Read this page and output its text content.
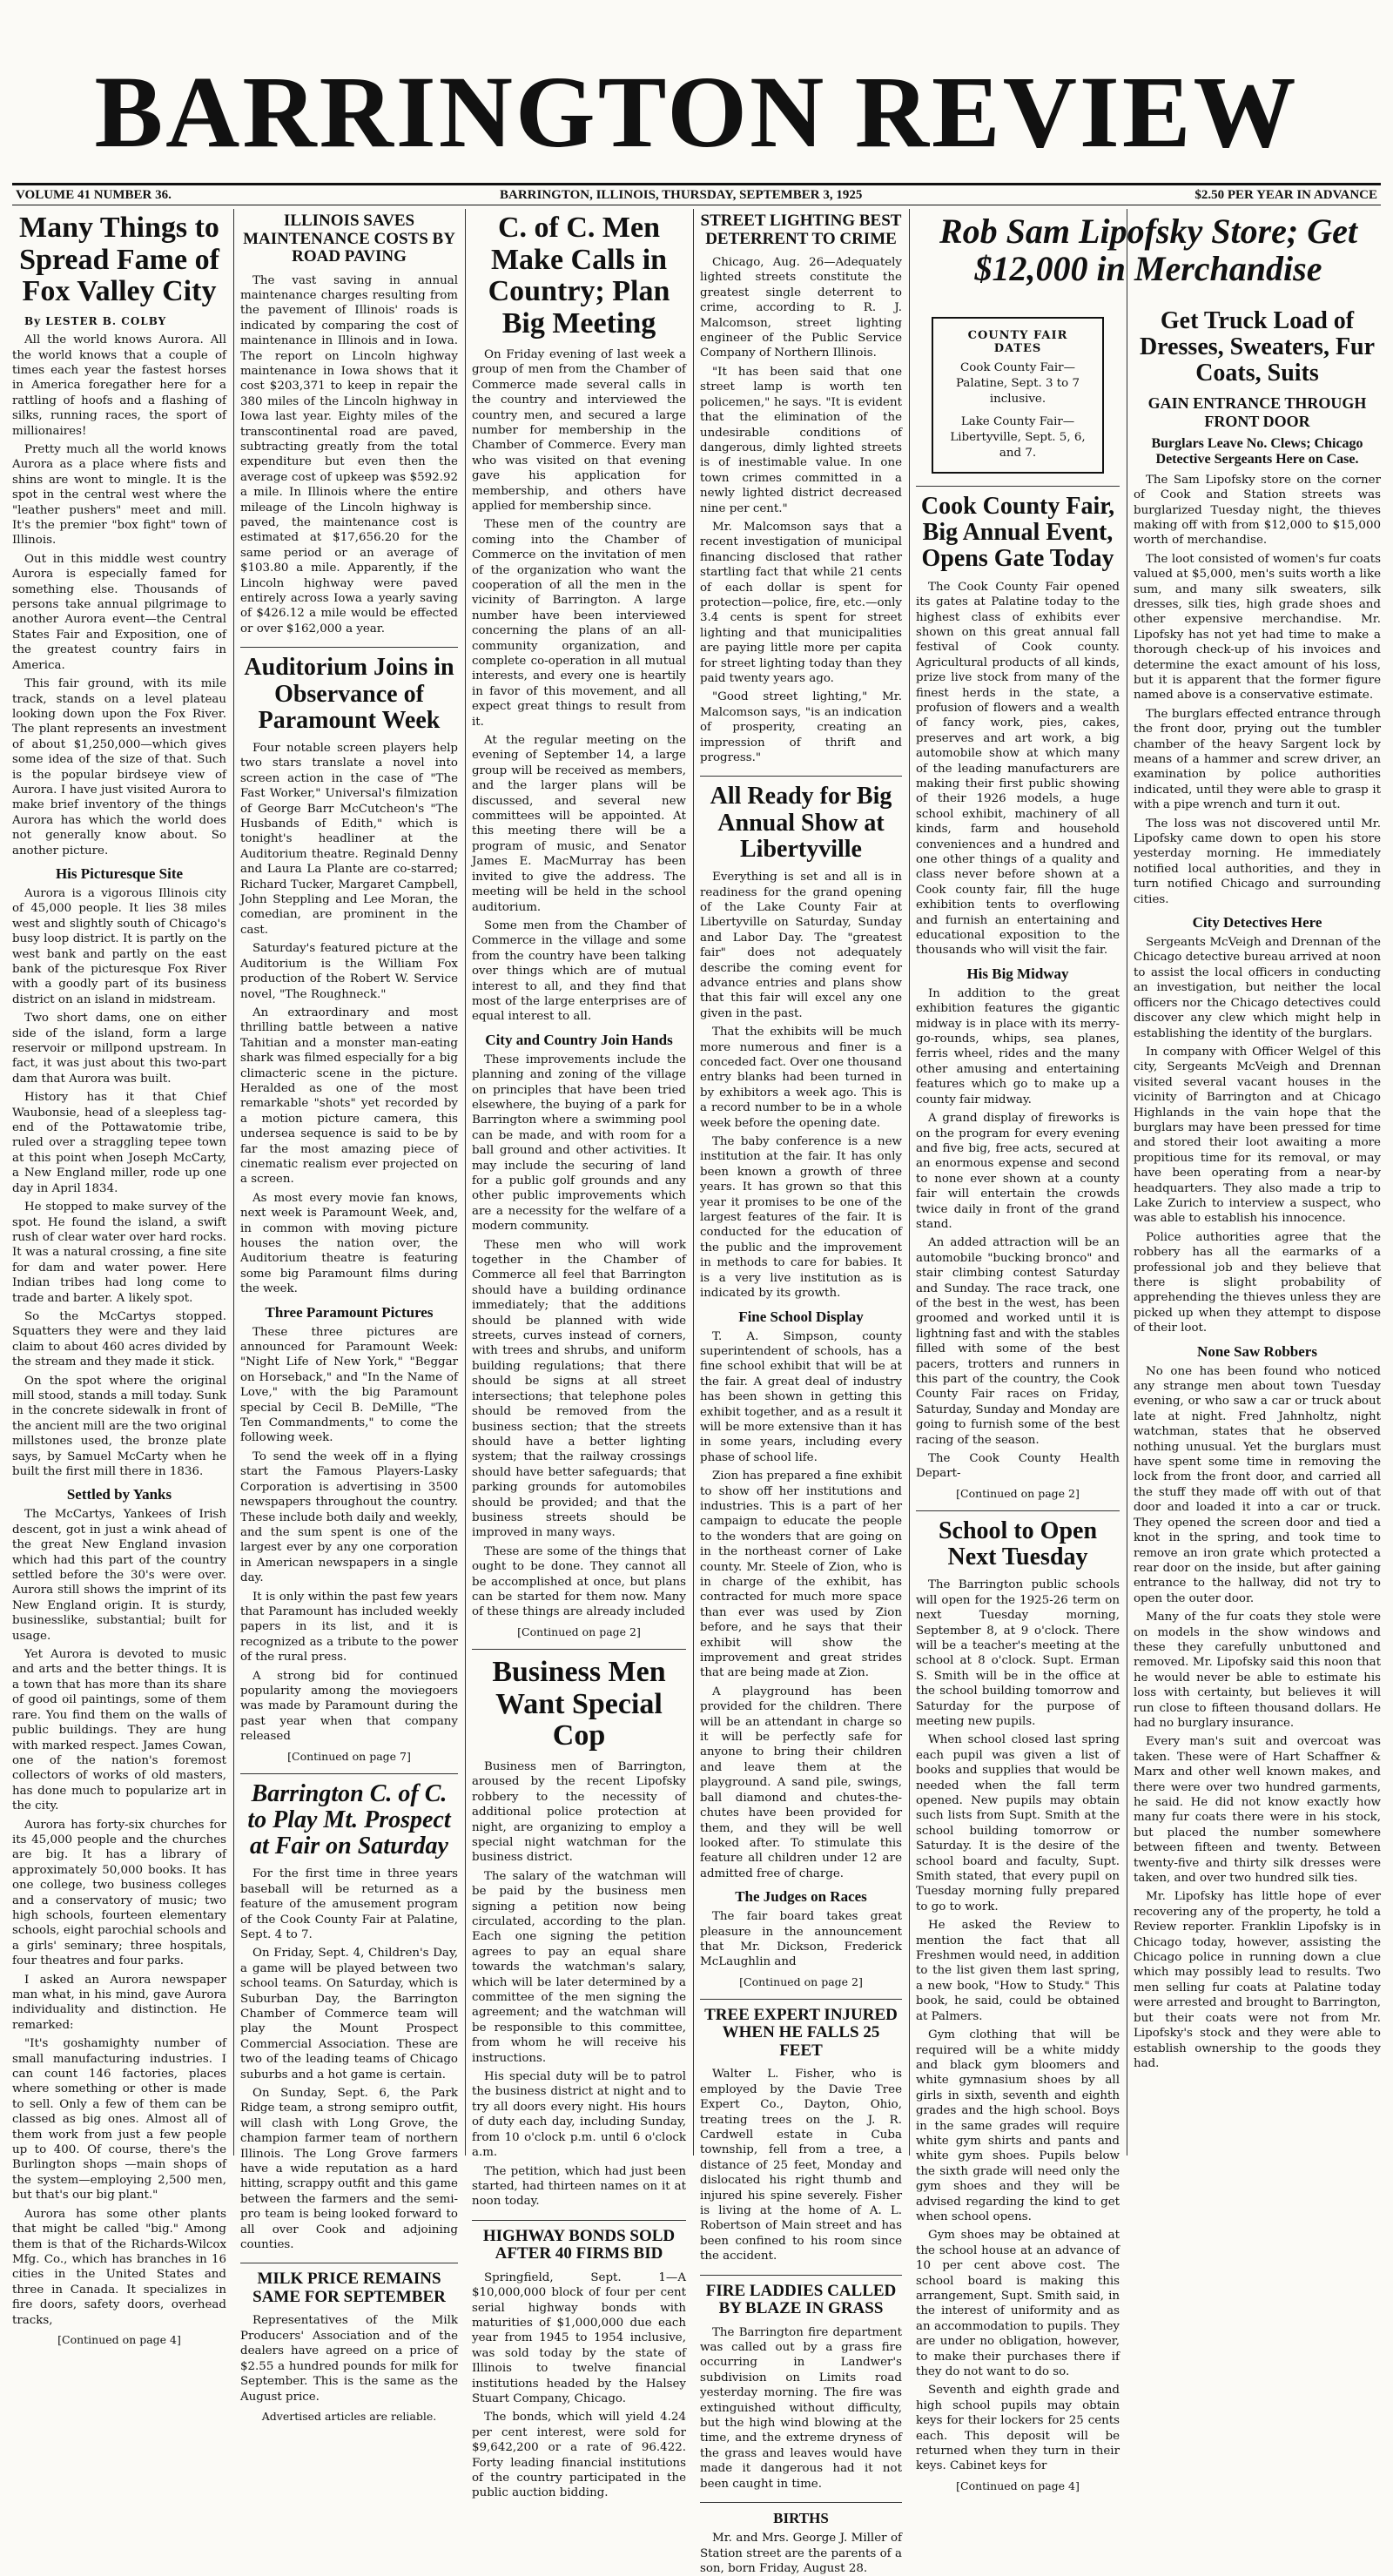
BARRINGTON REVIEW
VOLUME 41 NUMBER 36.	BARRINGTON, ILLINOIS, THURSDAY, SEPTEMBER 3, 1925	$2.50 PER YEAR IN ADVANCE
Many Things to Spread Fame of Fox Valley City
By LESTER B. COLBY

All the world knows Aurora. All the world knows that a couple of times each year the fastest horses in America foregather here for a rattling of hoofs and a flashing of silks, running races, the sport of millionaires!

Pretty much all the world knows Aurora as a place where fists and shins are wont to mingle. It is the spot in the central west where the "leather pushers" meet and mill. It's the premier "box fight" town of Illinois.

Out in this middle west country Aurora is especially famed for something else. Thousands of persons take annual pilgrimage to another Aurora event—the Central States Fair and Exposition, one of the greatest country fairs in America.

This fair ground, with its mile track, stands on a level plateau looking down upon the Fox River. The plant represents an investment of about $1,250,000—which gives some idea of the size of that. Such is the popular birdseye view of Aurora. I have just visited Aurora to make brief inventory of the things Aurora has which the world does not generally know about. So another picture.

His Picturesque Site

Aurora is a vigorous Illinois city of 45,000 people. It lies 38 miles west and slightly south of Chicago's busy loop district. It is partly on the west bank and partly on the east bank of the picturesque Fox River with a goodly part of its business district on an island in midstream.

Two short dams, one on either side of the island, form a large reservoir or millpond upstream. In fact, it was just about this two-part dam that Aurora was built.

History has it that Chief Waubonsie, head of a sleepless tag-end of the Pottawatomie tribe, ruled over a straggling tepee town at this point when Joseph McCarty, a New England miller, rode up one day in April 1834.

He stopped to make survey of the spot. He found the island, a swift rush of clear water over hard rocks. It was a natural crossing, a fine site for dam and water power. Here Indian tribes had long come to trade and barter. A likely spot.

So the McCartys stopped. Squatters they were and they laid claim to about 460 acres divided by the stream and they made it stick.

On the spot where the original mill stood, stands a mill today. Sunk in the concrete sidewalk in front of the ancient mill are the two original millstones used, the bronze plate says, by Samuel McCarty when he built the first mill there in 1836.

Settled by Yanks

The McCartys, Yankees of Irish descent, got in just a wink ahead of the great New England invasion which had this part of the country settled before the 30's were over. Aurora still shows the imprint of its New England origin. It is sturdy, businesslike, substantial; built for usage.

Yet Aurora is devoted to music and arts and the better things. It is a town that has more than its share of good oil paintings, some of them rare. You find them on the walls of public buildings. They are hung with marked respect. James Cowan, one of the nation's foremost collectors of works of old masters, has done much to popularize art in the city.

Aurora has forty-six churches for its 45,000 people and the churches are big. It has a library of approximately 50,000 books. It has one college, two business colleges and a conservatory of music; two high schools, fourteen elementary schools, eight parochial schools and a girls' seminary; three hospitals, four theatres and four parks.

I asked an Aurora newspaper man what, in his mind, gave Aurora individuality and distinction. He remarked:

"It's goshamighty number of small manufacturing industries. I can count 146 factories, places where something or other is made to sell. Only a few of them can be classed as big ones. Almost all of them work from just a few people up to 400. Of course, there's the Burlington shops —main shops of the system—employing 2,500 men, but that's our big plant."

Aurora has some other plants that might be called "big." Among them is that of the Richards-Wilcox Mfg. Co., which has branches in 16 cities in the United States and three in Canada. It specializes in fire doors, safety doors, overhead tracks,

[Continued on page 4]
ILLINOIS SAVES MAINTENANCE COSTS BY ROAD PAVING

The vast saving in annual maintenance charges resulting from the pavement of Illinois' roads is indicated by comparing the cost of maintenance in Illinois and in Iowa. The report on Lincoln highway maintenance in Iowa shows that it cost $203,371 to keep in repair the 380 miles of the Lincoln highway in Iowa last year. Eighty miles of the transcontinental road are paved, subtracting greatly from the total expenditure but even then the average cost of upkeep was $592.92 a mile. In Illinois where the entire mileage of the Lincoln highway is paved, the maintenance cost is estimated at $17,656.20 for the same period or an average of $103.80 a mile. Apparently, if the Lincoln highway were paved entirely across Iowa a yearly saving of $426.12 a mile would be effected or over $162,000 a year.

Auditorium Joins in Observance of Paramount Week

Four notable screen players help two stars translate a novel into screen action in the case of "The Fast Worker," Universal's filmization of George Barr McCutcheon's "The Husbands of Edith," which is tonight's headliner at the Auditorium theatre. Reginald Denny and Laura La Plante are co-starred; Richard Tucker, Margaret Campbell, John Steppling and Lee Moran, the comedian, are prominent in the cast.

Saturday's featured picture at the Auditorium is the William Fox production of the Robert W. Service novel, "The Roughneck."

An extraordinary and most thrilling battle between a native Tahitian and a monster man-eating shark was filmed especially for a big climacteric scene in the picture. Heralded as one of the most remarkable "shots" yet recorded by a motion picture camera, this undersea sequence is said to be by far the most amazing piece of cinematic realism ever projected on a screen.

As most every movie fan knows, next week is Paramount Week, and, in common with moving picture houses the nation over, the Auditorium theatre is featuring some big Paramount films during the week.

Three Paramount Pictures

These three pictures are announced for Paramount Week: "Night Life of New York," "Beggar on Horseback," and "In the Name of Love," with the big Paramount special by Cecil B. DeMille, "The Ten Commandments," to come the following week.

To send the week off in a flying start the Famous Players-Lasky Corporation is advertising in 3500 newspapers throughout the country. These include both daily and weekly, and the sum spent is one of the largest ever by any one corporation in American newspapers in a single day.

It is only within the past few years that Paramount has included weekly papers in its list, and it is recognized as a tribute to the power of the rural press.

A strong bid for continued popularity among the moviegoers was made by Paramount during the past year when that company released

[Continued on page 7]
Barrington C. of C. to Play Mt. Prospect at Fair on Saturday

For the first time in three years baseball will be returned as a feature of the amusement program of the Cook County Fair at Palatine, Sept. 4 to 7.

On Friday, Sept. 4, Children's Day, a game will be played between two school teams. On Saturday, which is Suburban Day, the Barrington Chamber of Commerce team will play the Mount Prospect Commercial Association. These are two of the leading teams of Chicago suburbs and a hot game is certain.

On Sunday, Sept. 6, the Park Ridge team, a strong semipro outfit, will clash with Long Grove, the champion farmer team of northern Illinois. The Long Grove farmers have a wide reputation as a hard hitting, scrappy outfit and this game between the farmers and the semi-pro team is being looked forward to all over Cook and adjoining counties.

MILK PRICE REMAINS SAME FOR SEPTEMBER

Representatives of the Milk Producers' Association and of the dealers have agreed on a price of $2.55 a hundred pounds for milk for September. This is the same as the August price.

Advertised articles are reliable.
C. of C. Men Make Calls in Country; Plan Big Meeting

On Friday evening of last week a group of men from the Chamber of Commerce made several calls in the country and interviewed the country men, and secured a large number for membership in the Chamber of Commerce. Every man who was visited on that evening gave his application for membership, and others have applied for membership since.

These men of the country are coming into the Chamber of Commerce on the invitation of men of the organization who want the cooperation of all the men in the vicinity of Barrington. A large number have been interviewed concerning the plans of an all-community organization, and complete co-operation in all mutual interests, and every one is heartily in favor of this movement, and all expect great things to result from it.

At the regular meeting on the evening of September 14, a large group will be received as members, and the larger plans will be discussed, and several new committees will be appointed. At this meeting there will be a program of music, and Senator James E. MacMurray has been invited to give the address. The meeting will be held in the school auditorium.

Some men from the Chamber of Commerce in the village and some from the country have been talking over things which are of mutual interest to all, and they find that most of the large enterprises are of equal interest to all.

City and Country Join Hands

These improvements include the planning and zoning of the village on principles that have been tried elsewhere, the buying of a park for Barrington where a swimming pool can be made, and with room for a ball ground and other activities. It may include the securing of land for a public golf grounds and any other public improvements which are a necessity for the welfare of a modern community.

These men who will work together in the Chamber of Commerce all feel that Barrington should have a building ordinance immediately; that the additions should be planned with wide streets, curves instead of corners, with trees and shrubs, and uniform building regulations; that there should be signs at all street intersections; that telephone poles should be removed from the business section; that the streets should have a better lighting system; that the railway crossings should have better safeguards; that parking grounds for automobiles should be provided; and that the business streets should be improved in many ways.

These are some of the things that ought to be done. They cannot all be accomplished at once, but plans can be started for them now. Many of these things are already included

[Continued on page 2]
Business Men Want Special Cop

Business men of Barrington, aroused by the recent Lipofsky robbery to the necessity of additional police protection at night, are organizing to employ a special night watchman for the business district.

The salary of the watchman will be paid by the business men signing a petition now being circulated, according to the plan. Each one signing the petition agrees to pay an equal share towards the watchman's salary, which will be later determined by a committee of the men signing the agreement; and the watchman will be responsible to this committee, from whom he will receive his instructions.

His special duty will be to patrol the business district at night and to try all doors every night. His hours of duty each day, including Sunday, from 10 o'clock p.m. until 6 o'clock a.m.

The petition, which had just been started, had thirteen names on it at noon today.

HIGHWAY BONDS SOLD AFTER 40 FIRMS BID

Springfield, Sept. 1—A $10,000,000 block of four per cent serial highway bonds with maturities of $1,000,000 due each year from 1945 to 1954 inclusive, was sold today by the state of Illinois to twelve financial institutions headed by the Halsey Stuart Company, Chicago.

The bonds, which will yield 4.24 per cent interest, were sold for $9,642,200 or a rate of 96.422. Forty leading financial institutions of the country participated in the public auction bidding.

STREET LIGHTING BEST DETERRENT TO CRIME

Chicago, Aug. 26—Adequately lighted streets constitute the greatest single deterrent to crime, according to R. J. Malcomson, street lighting engineer of the Public Service Company of Northern Illinois.

"It has been said that one street lamp is worth ten policemen," he says. "It is evident that the elimination of the undesirable conditions of dangerous, dimly lighted streets is of inestimable value. In one town crimes committed in a newly lighted district decreased nine per cent."

Mr. Malcomson says that a recent investigation of municipal financing disclosed that rather startling fact that while 21 cents of each dollar is spent for protection—police, fire, etc.—only 3.4 cents is spent for street lighting and that municipalities are paying little more per capita for street lighting today than they paid twenty years ago.

"Good street lighting," Mr. Malcomson says, "is an indication of prosperity, creating an impression of thrift and progress."

All Ready for Big Annual Show at Libertyville

Everything is set and all is in readiness for the grand opening of the Lake County Fair at Libertyville on Saturday, Sunday and Labor Day. The "greatest fair" does not adequately describe the coming event for advance entries and plans show that this fair will excel any one given in the past.

That the exhibits will be much more numerous and finer is a conceded fact. Over one thousand entry blanks had been turned in by exhibitors a week ago. This is a record number to be in a whole week before the opening date.

The baby conference is a new institution at the fair. It has only been known a growth of three years. It has grown so that this year it promises to be one of the largest features of the fair. It is conducted for the education of the public and the improvement in methods to care for babies. It is a very live institution as is indicated by its growth.

Fine School Display

T. A. Simpson, county superintendent of schools, has a fine school exhibit that will be at the fair. A great deal of industry has been shown in getting this exhibit together, and as a result it will be more extensive than it has in some years, including every phase of school life.

Zion has prepared a fine exhibit to show off her institutions and industries. This is a part of her campaign to educate the people to the wonders that are going on in the northeast corner of Lake county. Mr. Steele of Zion, who is in charge of the exhibit, has contracted for much more space than ever was used by Zion before, and he says that their exhibit will show the improvement and great strides that are being made at Zion.

A playground has been provided for the children. There will be an attendant in charge so it will be perfectly safe for anyone to bring their children and leave them at the playground. A sand pile, swings, ball diamond and chutes-the-chutes have been provided for them, and they will be well looked after. To stimulate this feature all children under 12 are admitted free of charge.

The Judges on Races

The fair board takes great pleasure in the announcement that Mr. Dickson, Frederick McLaughlin and

[Continued on page 2]
TREE EXPERT INJURED WHEN HE FALLS 25 FEET

Walter L. Fisher, who is employed by the Davie Tree Expert Co., Dayton, Ohio, treating trees on the J. R. Cardwell estate in Cuba township, fell from a tree, a distance of 25 feet, Monday and dislocated his right thumb and injured his spine severely. Fisher is living at the home of A. L. Robertson of Main street and has been confined to his room since the accident.

FIRE LADDIES CALLED BY BLAZE IN GRASS

The Barrington fire department was called out by a grass fire occurring in Landwer's subdivision on Limits road yesterday morning. The fire was extinguished without difficulty, but the high wind blowing at the time, and the extreme dryness of the grass and leaves would have made it dangerous had it not been caught in time.

BIRTHS

Mr. and Mrs. George J. Miller of Station street are the parents of a son, born Friday, August 28.

Rob Sam Lipofsky Store; Get $12,000 in Merchandise
COUNTY FAIR DATES
Cook County Fair—Palatine, Sept. 3 to 7 inclusive.
Lake County Fair—Libertyville, Sept. 5, 6, and 7.
Cook County Fair, Big Annual Event, Opens Gate Today

The Cook County Fair opened its gates at Palatine today to the highest class of exhibits ever shown on this great annual fall festival of Cook county. Agricultural products of all kinds, prize live stock from many of the finest herds in the state, a profusion of flowers and a wealth of fancy work, pies, cakes, preserves and art work, a big automobile show at which many of the leading manufacturers are making their first public showing of their 1926 models, a huge school exhibit, machinery of all kinds, farm and household conveniences and a hundred and one other things of a quality and class never before shown at a Cook county fair, fill the huge exhibition tents to overflowing and furnish an entertaining and educational exposition to the thousands who will visit the fair.

His Big Midway

In addition to the great exhibition features the gigantic midway is in place with its merry-go-rounds, whips, sea planes, ferris wheel, rides and the many other amusing and entertaining features which go to make up a county fair midway.

A grand display of fireworks is on the program for every evening and five big, free acts, secured at an enormous expense and second to none ever shown at a county fair will entertain the crowds twice daily in front of the grand stand.

An added attraction will be an automobile "bucking bronco" and stair climbing contest Saturday and Sunday. The race track, one of the best in the west, has been groomed and worked until it is lightning fast and with the stables filled with some of the best pacers, trotters and runners in this part of the country, the Cook County Fair races on Friday, Saturday, Sunday and Monday are going to furnish some of the best racing of the season.

The Cook County Health Depart-

[Continued on page 2]
School to Open Next Tuesday

The Barrington public schools will open for the 1925-26 term on next Tuesday morning, September 8, at 9 o'clock. There will be a teacher's meeting at the school at 8 o'clock. Supt. Erman S. Smith will be in the office at the school building tomorrow and Saturday for the purpose of meeting new pupils.

When school closed last spring each pupil was given a list of books and supplies that would be needed when the fall term opened. New pupils may obtain such lists from Supt. Smith at the school building tomorrow or Saturday. It is the desire of the school board and faculty, Supt. Smith stated, that every pupil on Tuesday morning fully prepared to go to work.

He asked the Review to mention the fact that all Freshmen would need, in addition to the list given them last spring, a new book, "How to Study." This book, he said, could be obtained at Palmers.

Gym clothing that will be required will be a white middy and black gym bloomers and white gymnasium shoes by all girls in sixth, seventh and eighth grades and the high school. Boys in the same grades will require white gym shirts and pants and white gym shoes. Pupils below the sixth grade will need only the gym shoes and they will be advised regarding the kind to get when school opens.

Gym shoes may be obtained at the school house at an advance of 10 per cent above cost. The school board is making this arrangement, Supt. Smith said, in the interest of uniformity and as an accommodation to pupils. They are under no obligation, however, to make their purchases there if they do not want to do so.

Seventh and eighth grade and high school pupils may obtain keys for their lockers for 25 cents each. This deposit will be returned when they turn in their keys. Cabinet keys for

[Continued on page 4]
Get Truck Load of Dresses, Sweaters, Fur Coats, Suits
GAIN ENTRANCE THROUGH FRONT DOOR
Burglars Leave No. Clews; Chicago Detective Sergeants Here on Case.

The Sam Lipofsky store on the corner of Cook and Station streets was burglarized Tuesday night, the thieves making off with from $12,000 to $15,000 worth of merchandise.

The loot consisted of women's fur coats valued at $5,000, men's suits worth a like sum, and many silk sweaters, silk dresses, silk ties, high grade shoes and other expensive merchandise. Mr. Lipofsky has not yet had time to make a thorough check-up of his invoices and determine the exact amount of his loss, but it is apparent that the former figure named above is a conservative estimate.

The burglars effected entrance through the front door, prying out the tumbler chamber of the heavy Sargent lock by means of a hammer and screw driver, an examination by police authorities indicated, until they were able to grasp it with a pipe wrench and turn it out.

The loss was not discovered until Mr. Lipofsky came down to open his store yesterday morning. He immediately notified local authorities, and they in turn notified Chicago and surrounding cities.

City Detectives Here

Sergeants McVeigh and Drennan of the Chicago detective bureau arrived at noon to assist the local officers in conducting an investigation, but neither the local officers nor the Chicago detectives could discover any clew which might help in establishing the identity of the burglars.

In company with Officer Welgel of this city, Sergeants McVeigh and Drennan visited several vacant houses in the vicinity of Barrington and at Chicago Highlands in the vain hope that the burglars may have been pressed for time and stored their loot awaiting a more propitious time for its removal, or may have been operating from a near-by headquarters. They also made a trip to Lake Zurich to interview a suspect, who was able to establish his innocence.

Police authorities agree that the robbery has all the earmarks of a professional job and they believe that there is slight probability of apprehending the thieves unless they are picked up when they attempt to dispose of their loot.

None Saw Robbers

No one has been found who noticed any strange men about town Tuesday evening, or who saw a car or truck about late at night. Fred Jahnholtz, night watchman, states that he observed nothing unusual. Yet the burglars must have spent some time in removing the lock from the front door, and carried all the stuff they made off with out of that door and loaded it into a car or truck. They opened the screen door and tied a knot in the spring, and took time to remove an iron grate which protected a rear door on the inside, but after gaining entrance to the hallway, did not try to open the outer door.

Many of the fur coats they stole were on models in the show windows and these they carefully unbuttoned and removed. Mr. Lipofsky said this noon that he would never be able to estimate his loss with certainty, but believes it will run close to fifteen thousand dollars. He had no burglary insurance.

Every man's suit and overcoat was taken. These were of Hart Schaffner & Marx and other well known makes, and there were over two hundred garments, he said. He did not know exactly how many fur coats there were in his stock, but placed the number somewhere between fifteen and twenty. Between twenty-five and thirty silk dresses were taken, and over two hundred silk ties.

Mr. Lipofsky has little hope of ever recovering any of the property, he told a Review reporter. Franklin Lipofsky is in Chicago today, however, assisting the Chicago police in running down a clue which may possibly lead to results. Two men selling fur coats at Palatine today were arrested and brought to Barrington, but their coats were not from Mr. Lipofsky's stock and they were able to establish ownership to the goods they had.
